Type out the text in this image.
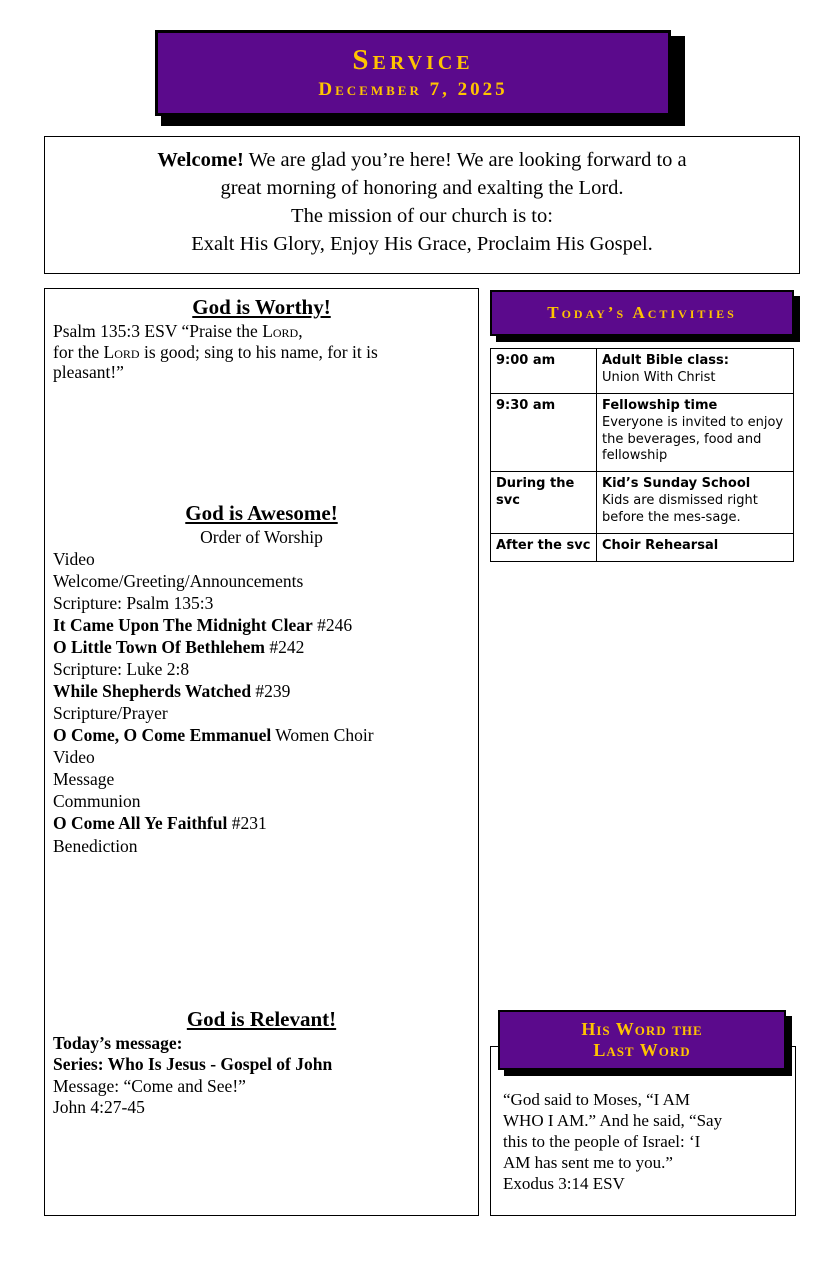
Service
December 7, 2025
Welcome! We are glad you’re here! We are looking forward to a
great morning of honoring and exalting the Lord.
The mission of our church is to:
Exalt His Glory, Enjoy His Grace, Proclaim His Gospel.
God is Worthy!
Psalm 135:3 ESV “Praise the Lord,
for the Lord is good; sing to his name, for it is
pleasant!”
God is Awesome!
Order of Worship
Video
Welcome/Greeting/Announcements
Scripture: Psalm 135:3
It Came Upon The Midnight Clear #246
O Little Town Of Bethlehem #242
Scripture: Luke 2:8
While Shepherds Watched #239
Scripture/Prayer
O Come, O Come Emmanuel Women Choir
Video
Message
Communion
O Come All Ye Faithful #231
Benediction
God is Relevant!
Today’s message:
Series: Who Is Jesus - Gospel of John
Message: “Come and See!”
John 4:27-45
Today’s Activities
9:00 am	Adult Bible class:
Union With Christ

9:30 am	Fellowship time
Everyone is invited to enjoy the beverages, food and fellowship

During the svc	Kid’s Sunday School
Kids are dismissed right before the mes-sage.

After the svc	Choir Rehearsal
“God said to Moses, “I AM
WHO I AM.” And he said, “Say
this to the people of Israel: ‘I
AM has sent me to you.”
Exodus 3:14 ESV
His Word the
Last Word
